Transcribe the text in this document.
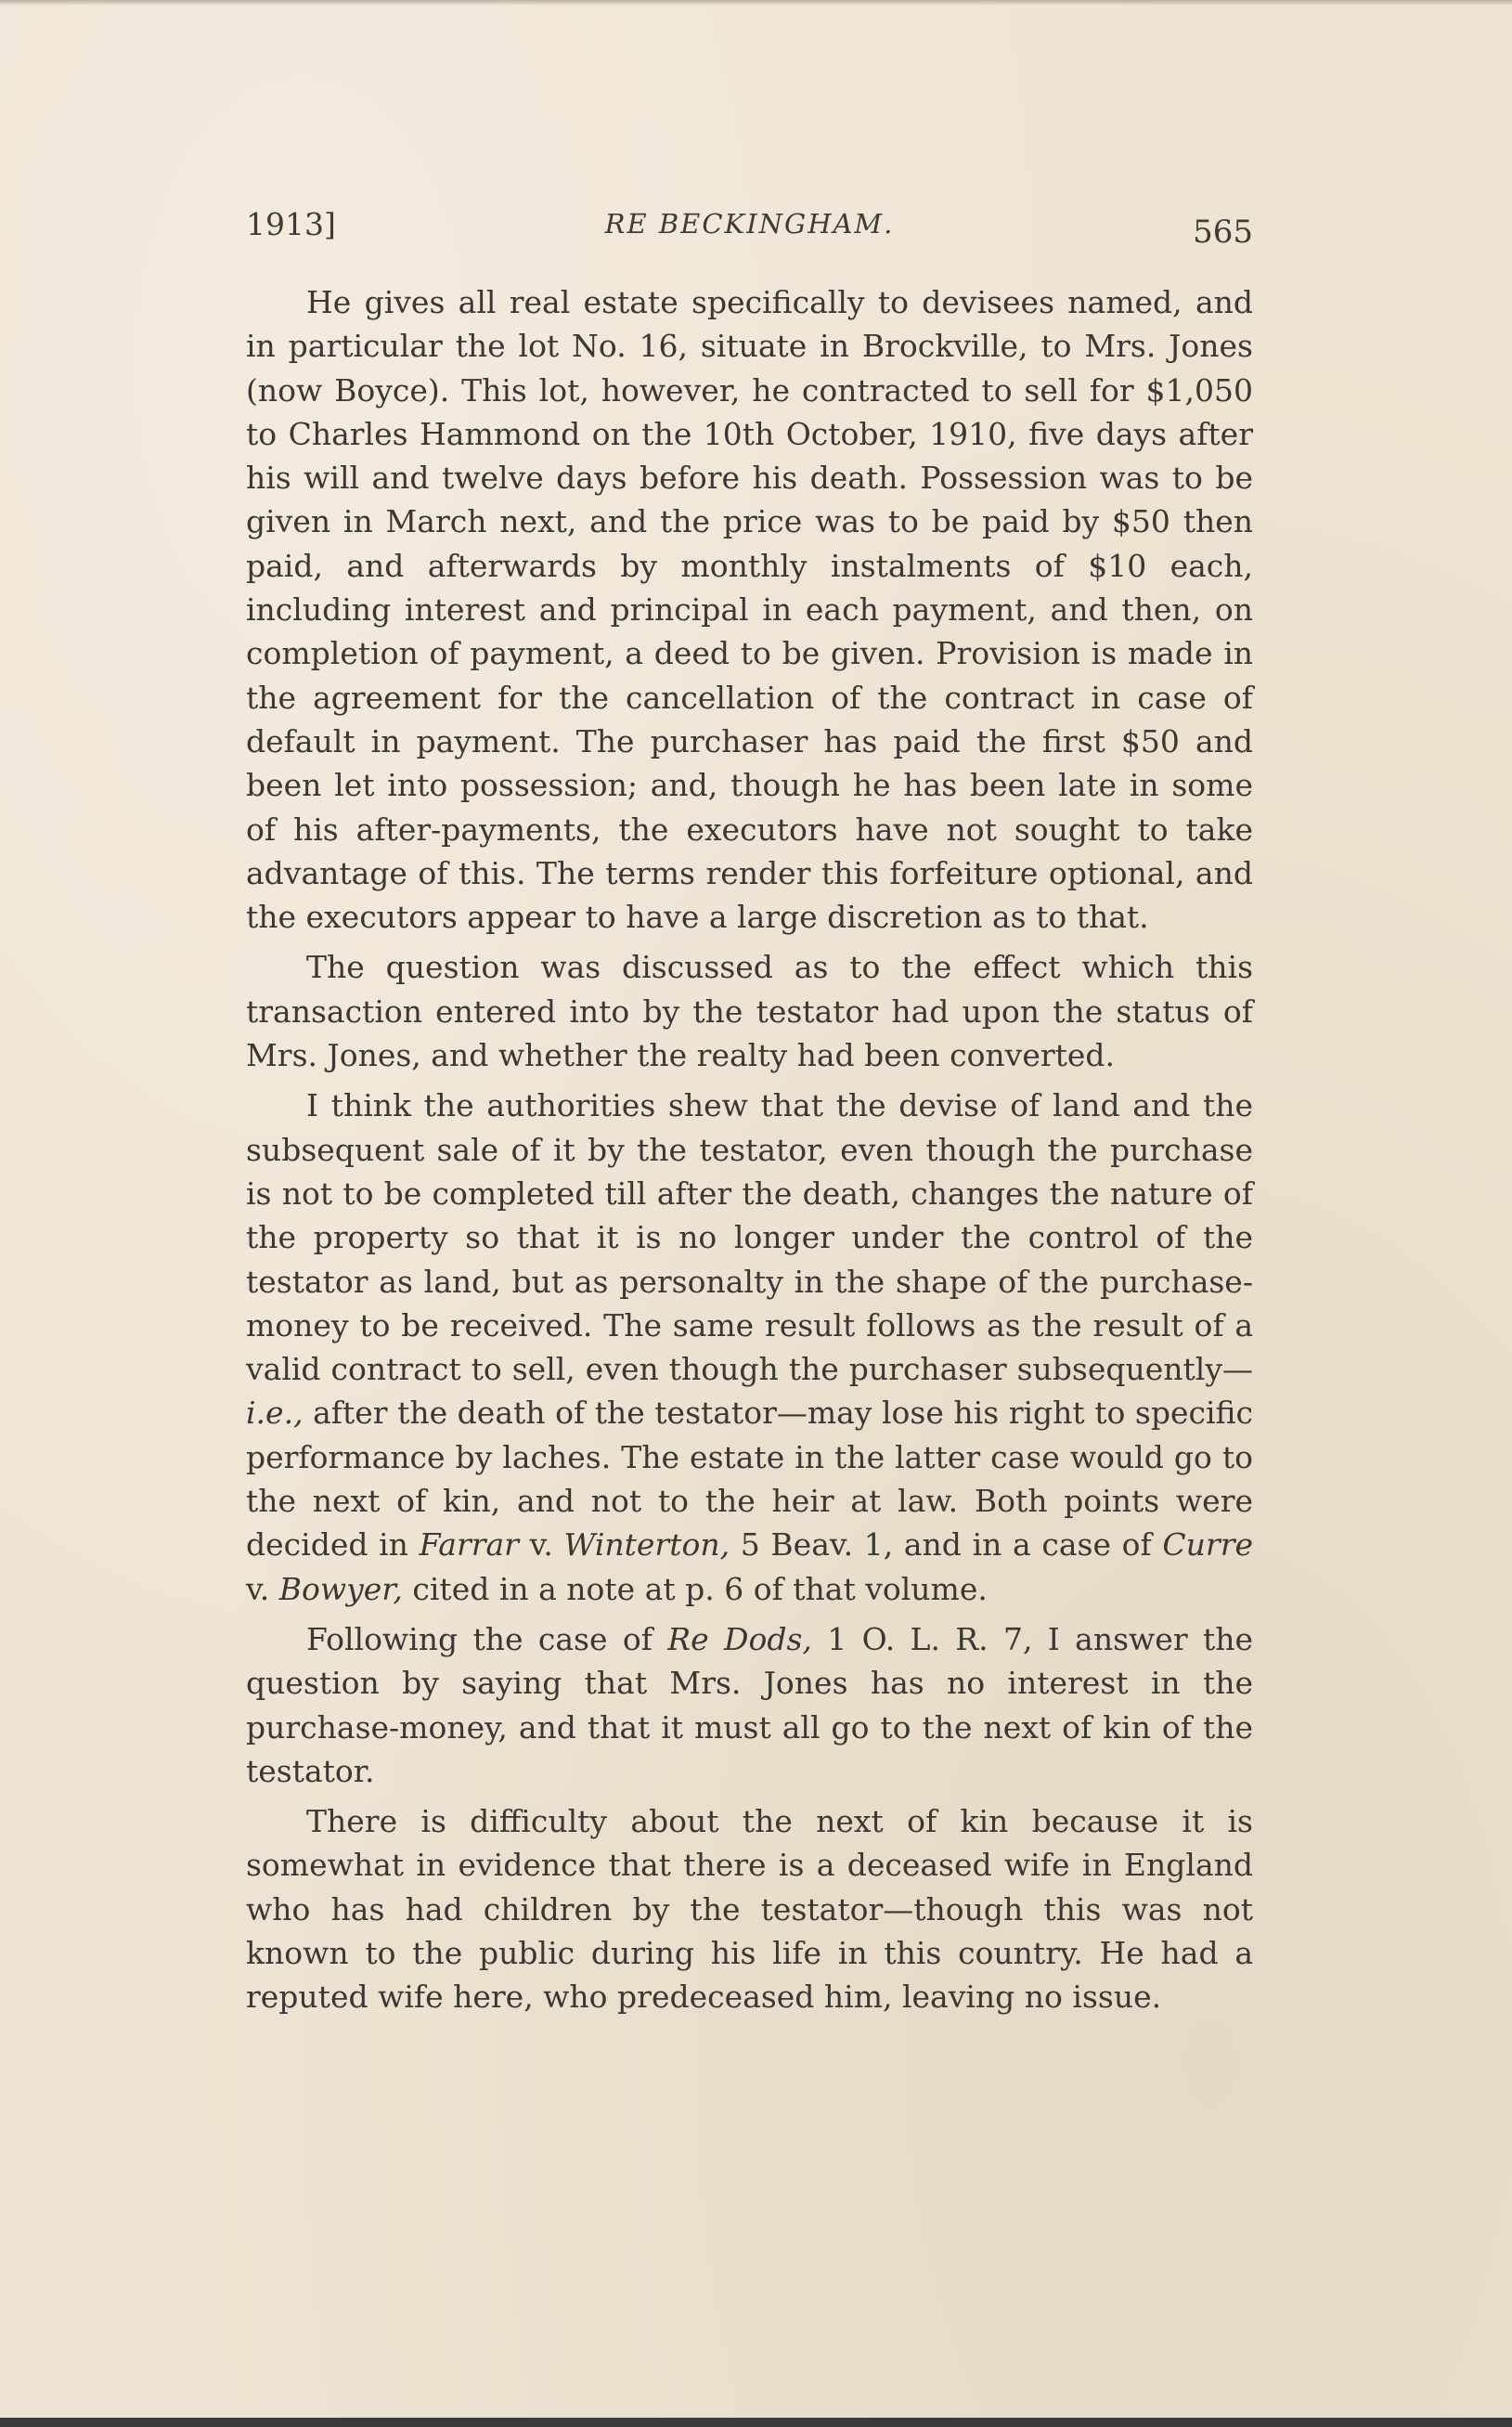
1913]	RE BECKINGHAM.	565

He gives all real estate specifically to devisees named, and in particular the lot No. 16, situate in Brockville, to Mrs. Jones (now Boyce). This lot, however, he contracted to sell for $1,050 to Charles Hammond on the 10th October, 1910, five days after his will and twelve days before his death. Possession was to be given in March next, and the price was to be paid by $50 then paid, and afterwards by monthly instalments of $10 each, including interest and principal in each payment, and then, on completion of payment, a deed to be given. Provision is made in the agreement for the cancellation of the contract in case of default in payment. The purchaser has paid the first $50 and been let into possession; and, though he has been late in some of his after-payments, the executors have not sought to take advantage of this. The terms render this forfeiture optional, and the executors appear to have a large discretion as to that.

The question was discussed as to the effect which this transaction entered into by the testator had upon the status of Mrs. Jones, and whether the realty had been converted.

I think the authorities shew that the devise of land and the subsequent sale of it by the testator, even though the purchase is not to be completed till after the death, changes the nature of the property so that it is no longer under the control of the testator as land, but as personalty in the shape of the purchase-money to be received. The same result follows as the result of a valid contract to sell, even though the purchaser subsequently—i.e., after the death of the testator—may lose his right to specific performance by laches. The estate in the latter case would go to the next of kin, and not to the heir at law. Both points were decided in Farrar v. Winterton, 5 Beav. 1, and in a case of Curre v. Bowyer, cited in a note at p. 6 of that volume.

Following the case of Re Dods, 1 O. L. R. 7, I answer the question by saying that Mrs. Jones has no interest in the purchase-money, and that it must all go to the next of kin of the testator.

There is difficulty about the next of kin because it is somewhat in evidence that there is a deceased wife in England who has had children by the testator—though this was not known to the public during his life in this country. He had a reputed wife here, who predeceased him, leaving no issue.
